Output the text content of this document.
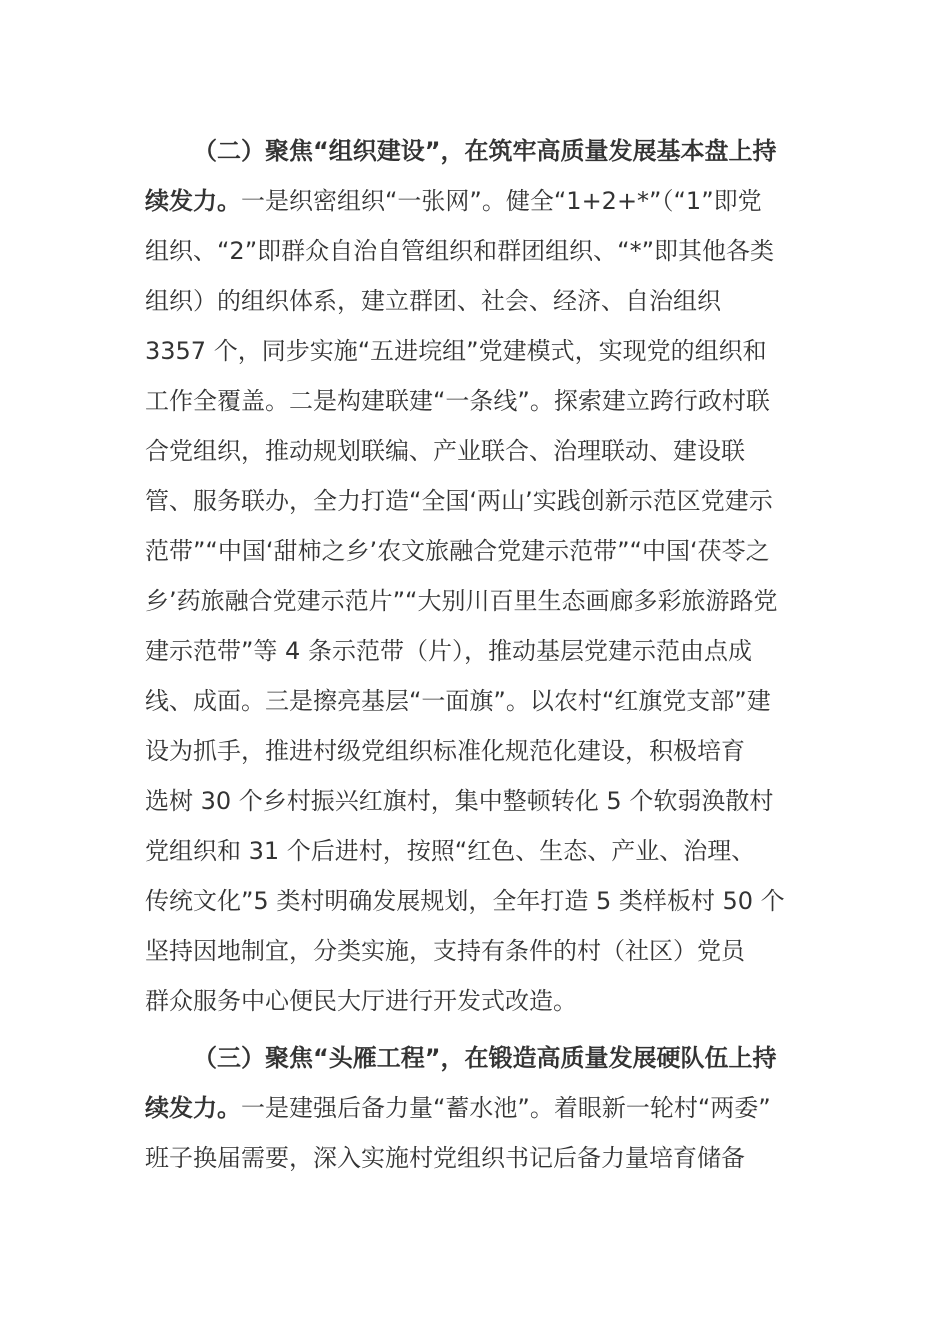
（二）聚焦“组织建设”，在筑牢高质量发展基本盘上持
续发力。一是织密组织“一张网”。健全“1+2+*”（“1”即党
组织、“2”即群众自治自管组织和群团组织、“*”即其他各类
组织）的组织体系，建立群团、社会、经济、自治组织
3357 个，同步实施“五进垸组”党建模式，实现党的组织和
工作全覆盖。二是构建联建“一条线”。探索建立跨行政村联
合党组织，推动规划联编、产业联合、治理联动、建设联
管、服务联办，全力打造“全国‘两山’实践创新示范区党建示
范带”“中国‘甜柿之乡’农文旅融合党建示范带”“中国‘茯苓之
乡’药旅融合党建示范片”“大别川百里生态画廊多彩旅游路党
建示范带”等 4 条示范带（片），推动基层党建示范由点成
线、成面。三是擦亮基层“一面旗”。以农村“红旗党支部”建
设为抓手，推进村级党组织标准化规范化建设，积极培育
选树 30 个乡村振兴红旗村，集中整顿转化 5 个软弱涣散村
党组织和 31 个后进村，按照“红色、生态、产业、治理、
传统文化”5 类村明确发展规划，全年打造 5 类样板村 50 个
坚持因地制宜，分类实施，支持有条件的村（社区）党员
群众服务中心便民大厅进行开发式改造。
（三）聚焦“头雁工程”，在锻造高质量发展硬队伍上持
续发力。一是建强后备力量“蓄水池”。着眼新一轮村“两委”
班子换届需要，深入实施村党组织书记后备力量培育储备
